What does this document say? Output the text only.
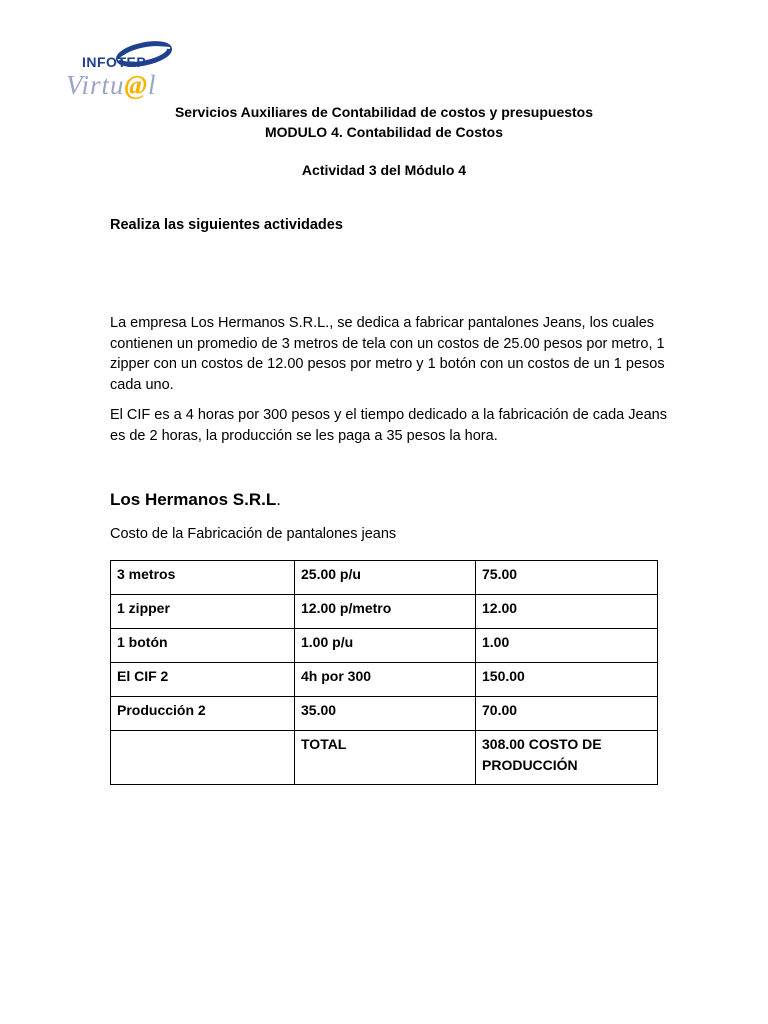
INFOTEP
Virtu@l
Servicios Auxiliares de Contabilidad de costos y presupuestos
MODULO 4. Contabilidad de Costos
Actividad 3 del Módulo 4
Realiza las siguientes actividades
La empresa Los Hermanos S.R.L., se dedica a fabricar pantalones Jeans, los cuales contienen un promedio de 3 metros de tela con un costos de 25.00 pesos por metro, 1 zipper con un costos de 12.00 pesos por metro y 1 botón con un costos de un 1 pesos cada uno.
El CIF es a 4 horas por 300 pesos y el tiempo dedicado a la fabricación de cada Jeans es de 2 horas, la producción se les paga a 35 pesos la hora.
Los Hermanos S.R.L.
Costo de la Fabricación de pantalones jeans
3 metros	25.00 p/u	75.00
1 zipper	12.00 p/metro	12.00
1 botón	1.00 p/u	1.00
El CIF 2	4h por 300	150.00
Producción 2	35.00	70.00
	TOTAL	308.00 COSTO DE PRODUCCIÓN
